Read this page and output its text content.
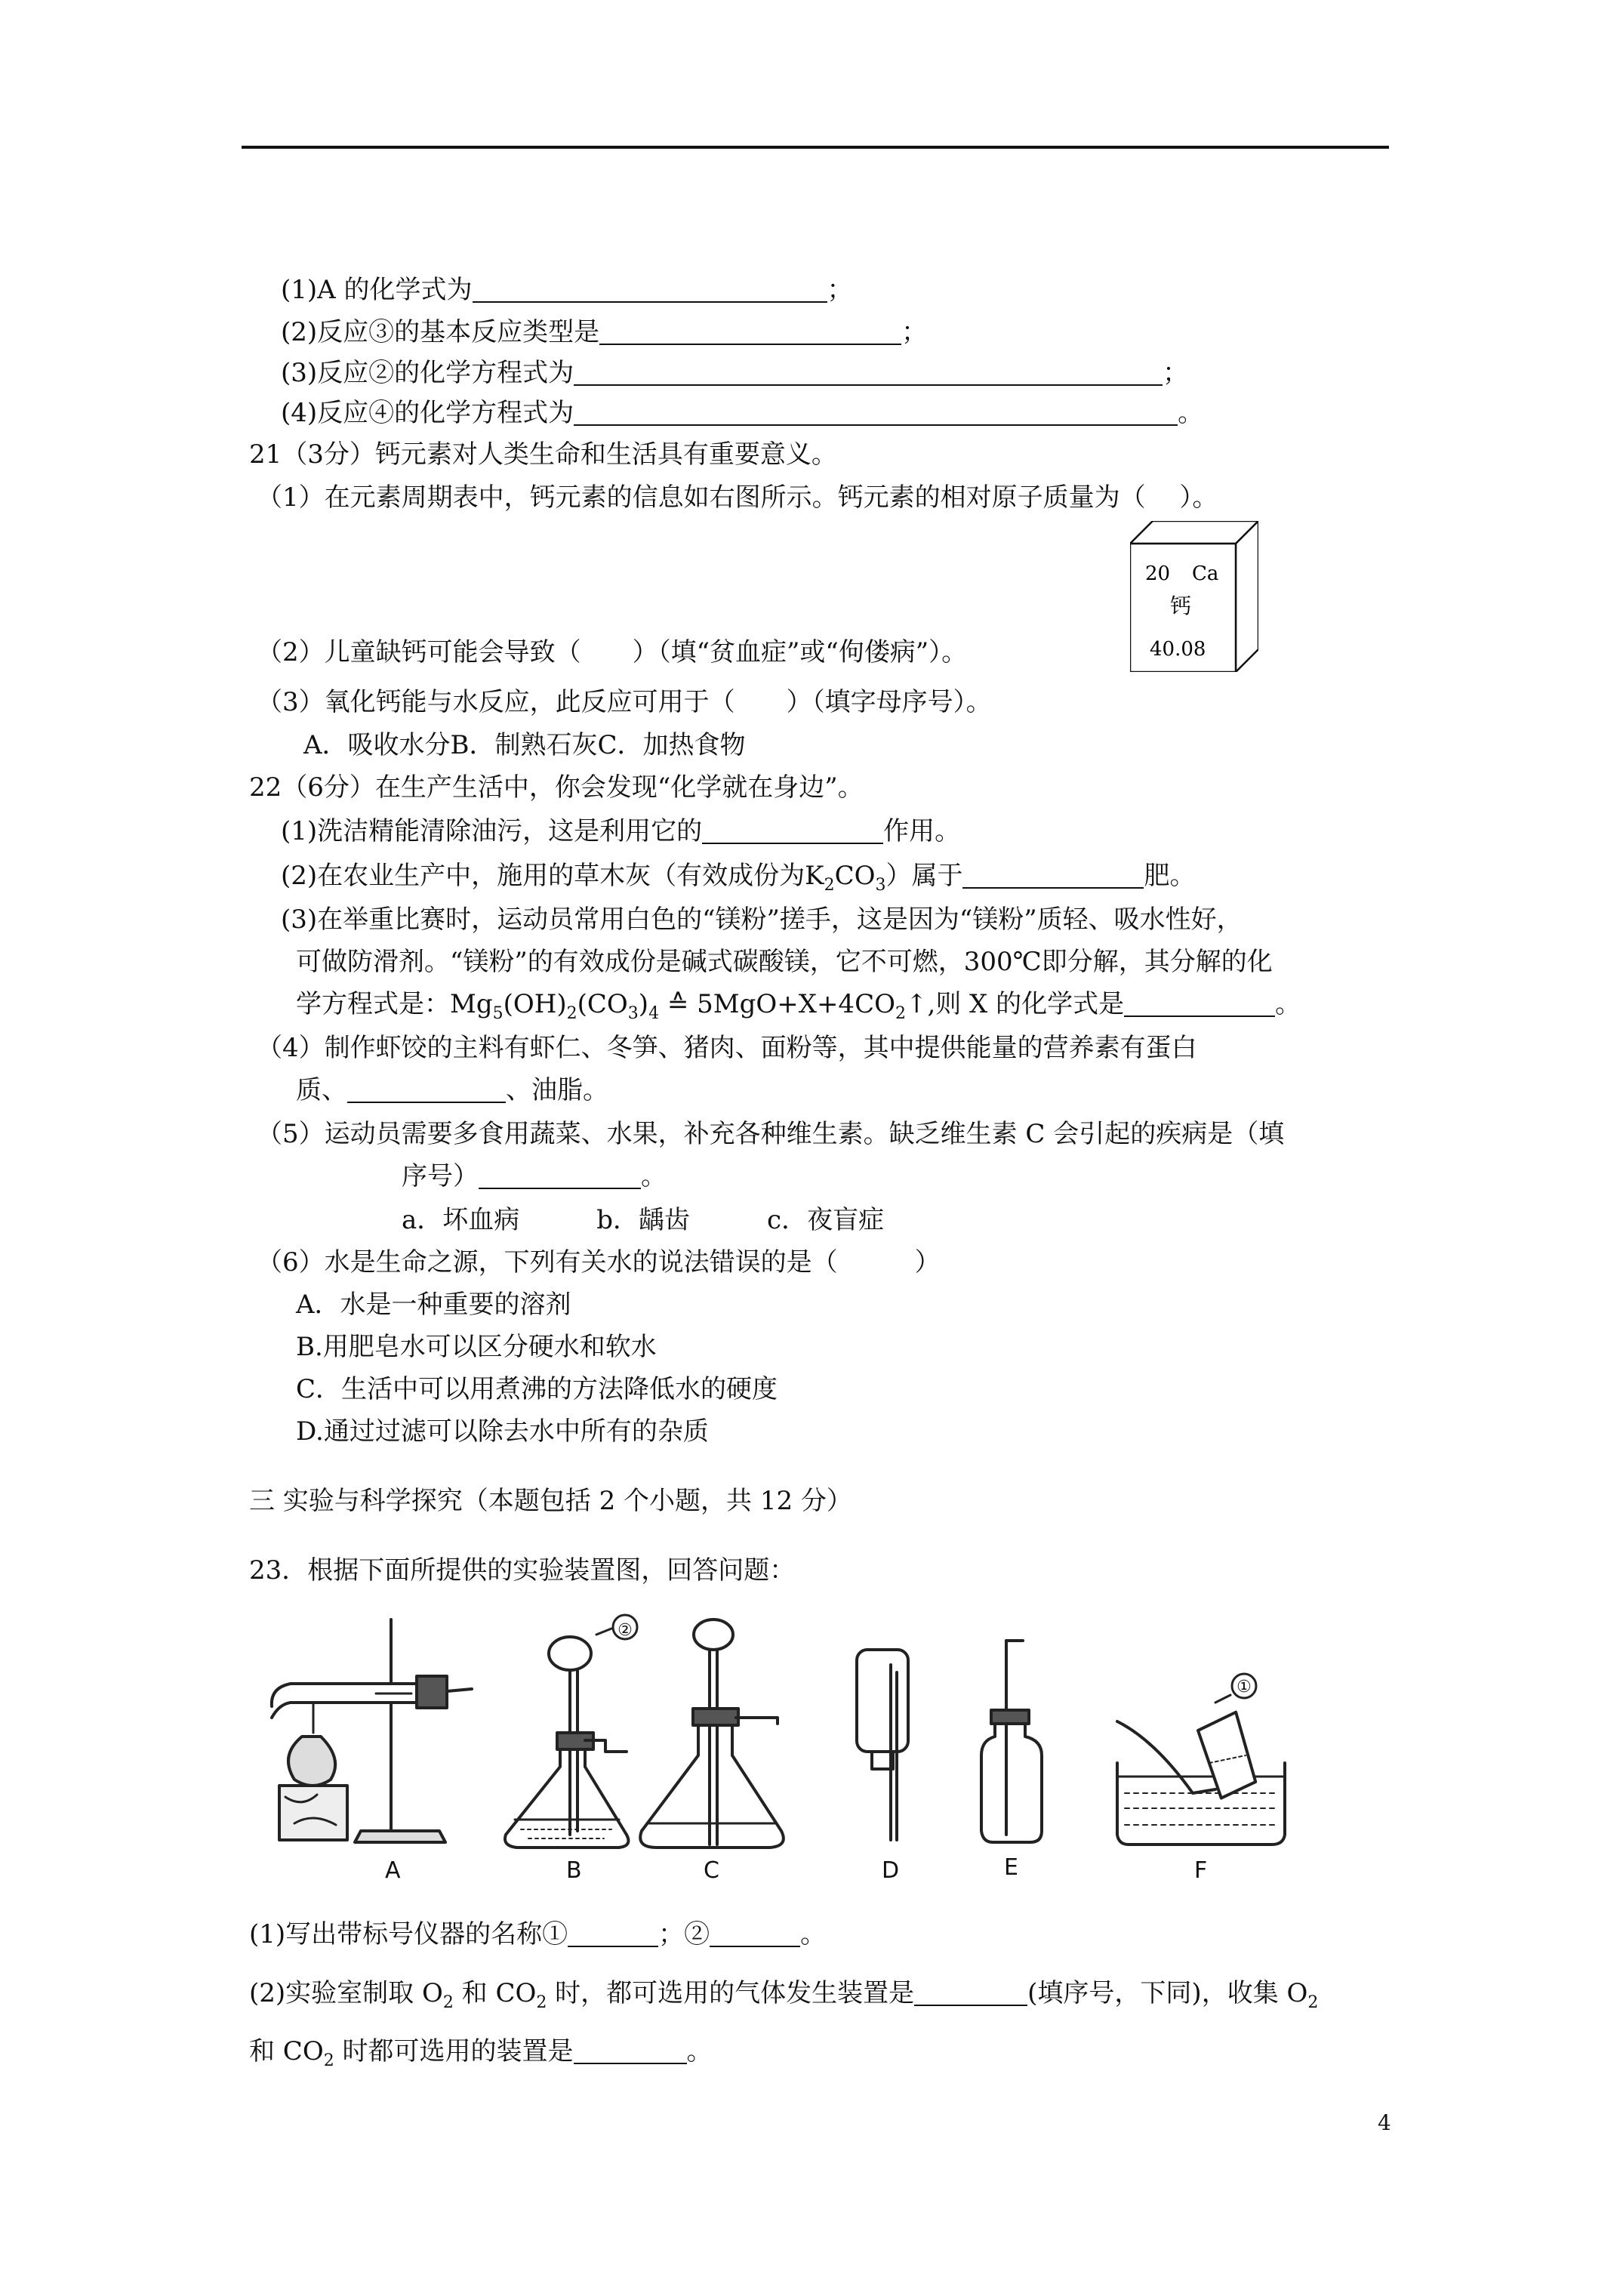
(1)A 的化学式为	；
(2)反应③的基本反应类型是	；
(3)反应②的化学方程式为	；
(4)反应④的化学方程式为	。
21（3分）钙元素对人类生命和生活具有重要意义。
（1）在元素周期表中，钙元素的信息如右图所示。钙元素的相对原子质量为（　 ）。
20 Ca
钙
40.08
（2）儿童缺钙可能会导致（　　）（填“贫血症”或“佝偻病”）。
（3）氧化钙能与水反应，此反应可用于（　　）（填字母序号）。
A．吸收水分B．制熟石灰C．加热食物
22（6分）在生产生活中，你会发现“化学就在身边”。
(1)洗洁精能清除油污，这是利用它的	作用。
(2)在农业生产中，施用的草木灰（有效成份为$K_2CO_3$）属于	肥。
(3)在举重比赛时，运动员常用白色的“镁粉”搓手，这是因为“镁粉”质轻、吸水性好，
可做防滑剂。“镁粉”的有效成份是碱式碳酸镁，它不可燃，300℃即分解，其分解的化
学方程式是：$Mg_5(OH)_2(CO_3)_4$ ≙ $5MgO+X+4CO_2↑$,则 X 的化学式是	。
（4）制作虾饺的主料有虾仁、冬笋、猪肉、面粉等，其中提供能量的营养素有蛋白
质、	、油脂。
（5）运动员需要多食用蔬菜、水果，补充各种维生素。缺乏维生素 C 会引起的疾病是（填
序号）	。
a．坏血病　　　b．龋齿　　　c．夜盲症
（6）水是生命之源，下列有关水的说法错误的是（　　　）
A．水是一种重要的溶剂
B.用肥皂水可以区分硬水和软水
C．生活中可以用煮沸的方法降低水的硬度
D.通过过滤可以除去水中所有的杂质
三 实验与科学探究（本题包括 2 个小题，共 12 分）
23．根据下面所提供的实验装置图，回答问题：
②
①
A	B	C	D	E	F
(1)写出带标号仪器的名称①	；②	。
(2)实验室制取 $O_2$ 和 $CO_2$ 时，都可选用的气体发生装置是	(填序号，下同)，收集 $O_2$
和 $CO_2$ 时都可选用的装置是	。
4
